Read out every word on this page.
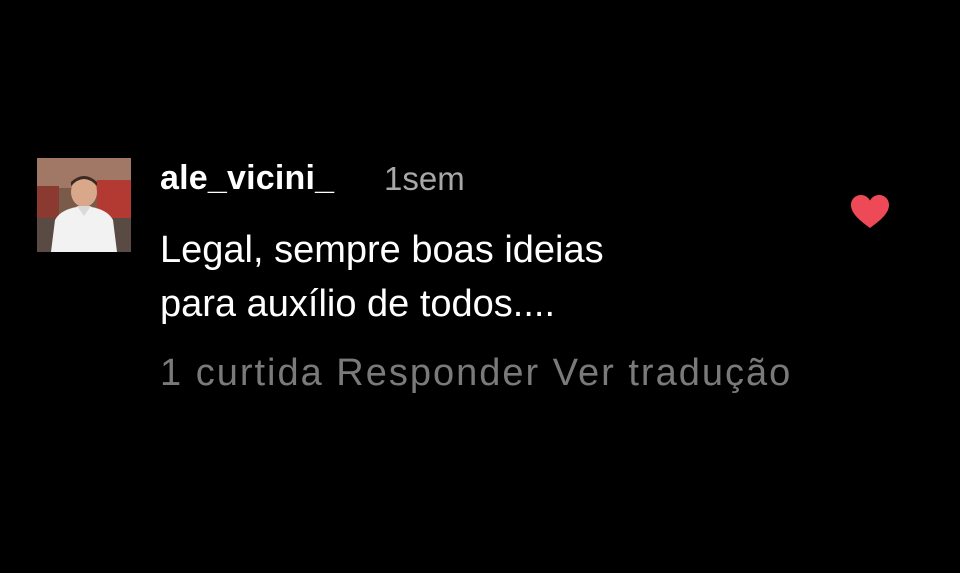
ale_vicini_ 1sem
Legal, sempre boas ideias
para auxílio de todos....
1 curtida Responder Ver tradução
